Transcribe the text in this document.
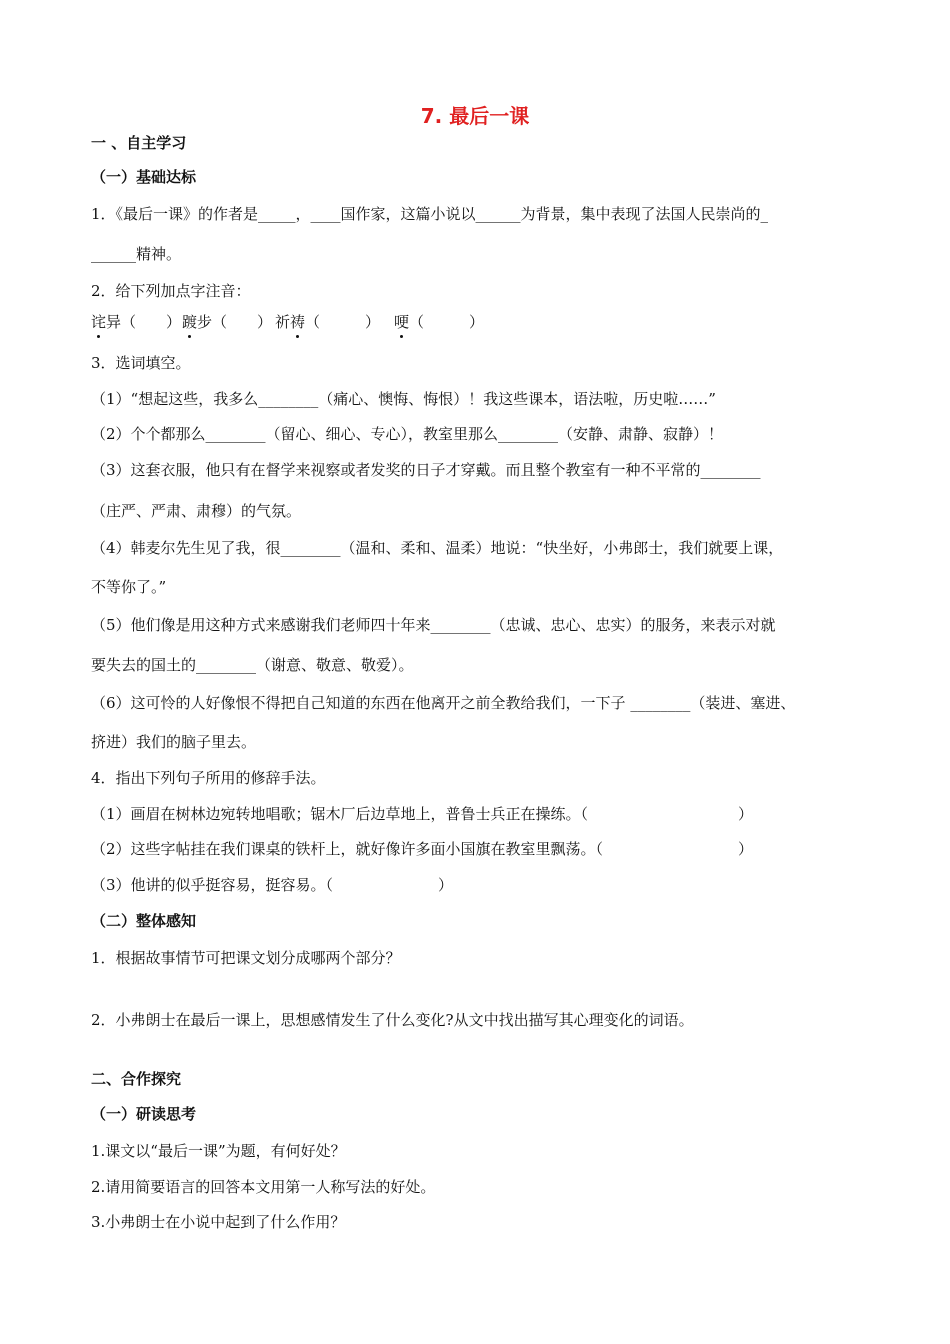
7. 最后一课
一 、自主学习
（一）基础达标
1．《最后一课》的作者是_____，____国作家，这篇小说以______为背景，集中表现了法国人民崇尚的_
______精神。
2．给下列加点字注音：
诧异（　　） 踱步（　　） 祈祷（　　　） 哽（　　　）
3．选词填空。
（1）“想起这些，我多么________（痛心、懊悔、悔恨）！我这些课本，语法啦，历史啦……”
（2）个个都那么________（留心、细心、专心），教室里那么________（安静、肃静、寂静）！
（3）这套衣服，他只有在督学来视察或者发奖的日子才穿戴。而且整个教室有一种不平常的________
（庄严、严肃、肃穆）的气氛。
（4）韩麦尔先生见了我，很________（温和、柔和、温柔）地说：“快坐好，小弗郎士，我们就要上课，
不等你了。”
（5）他们像是用这种方式来感谢我们老师四十年来________（忠诚、忠心、忠实）的服务，来表示对就
要失去的国土的________（谢意、敬意、敬爱）。
（6）这可怜的人好像恨不得把自己知道的东西在他离开之前全教给我们，一下子 ________（装进、塞进、
挤进）我们的脑子里去。
4．指出下列句子所用的修辞手法。
（1）画眉在树林边宛转地唱歌；锯木厂后边草地上，普鲁士兵正在操练。（　　　　　　　　　　）
（2）这些字帖挂在我们课桌的铁杆上，就好像许多面小国旗在教室里飘荡。（　　　　　　　　　）
（3）他讲的似乎挺容易，挺容易。（　　　　　　　）
（二）整体感知
1．根据故事情节可把课文划分成哪两个部分？
2．小弗朗士在最后一课上，思想感情发生了什么变化?从文中找出描写其心理变化的词语。
二、合作探究
（一）研读思考
1.课文以“最后一课”为题，有何好处？
2.请用简要语言的回答本文用第一人称写法的好处。
3.小弗朗士在小说中起到了什么作用？
